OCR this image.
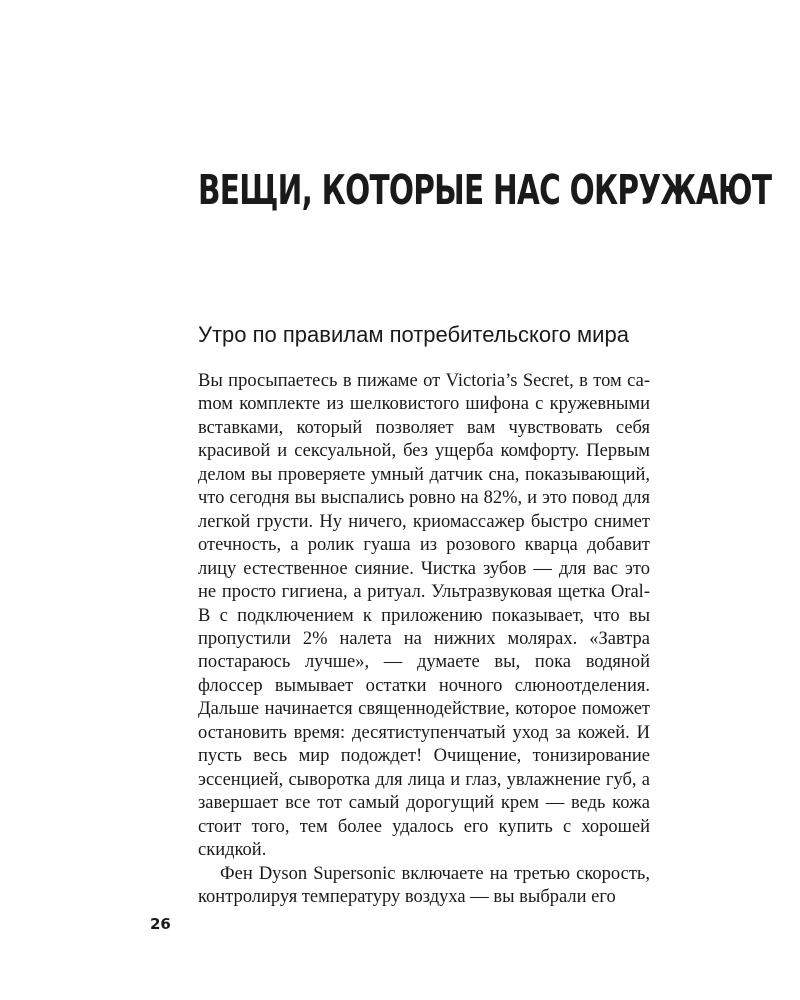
ВЕЩИ, КОТОРЫЕ НАС ОКРУЖАЮТ
Утро по правилам потребительского мира

Вы просыпаетесь в пижаме от Victoria’s Secret, в том саmом комплекте из шелковистого шифона с кружевными вставками, который позволяет вам чувствовать себя красивой и сексуальной, без ущерба комфорту. Первым делом вы проверяете умный датчик сна, показывающий, что сегодня вы выспались ровно на 82%, и это повод для легкой грусти. Ну ничего, криомассажер быстро снимет отечность, а ролик гуаша из розового кварца добавит лицу естественное сияние. Чистка зубов — для вас это не просто гигиена, а ритуал. Ультразвуковая щетка Oral-B с подключением к приложению показывает, что вы пропустили 2% налета на нижних молярах. «Завтра постараюсь лучше», — думаете вы, пока водяной флоссер вымывает остатки ночного слюноотделения. Дальше начинается священнодействие, которое поможет остановить время: десятиступенчатый уход за кожей. И пусть весь мир подождет! Очищение, тонизирование эссенцией, сыворотка для лица и глаз, увлажнение губ, а завершает все тот самый дорогущий крем — ведь кожа стоит того, тем более удалось его купить с хорошей скидкой.

Фен Dyson Supersonic включаете на третью скорость, контролируя температуру воздуха — вы выбрали его

26
